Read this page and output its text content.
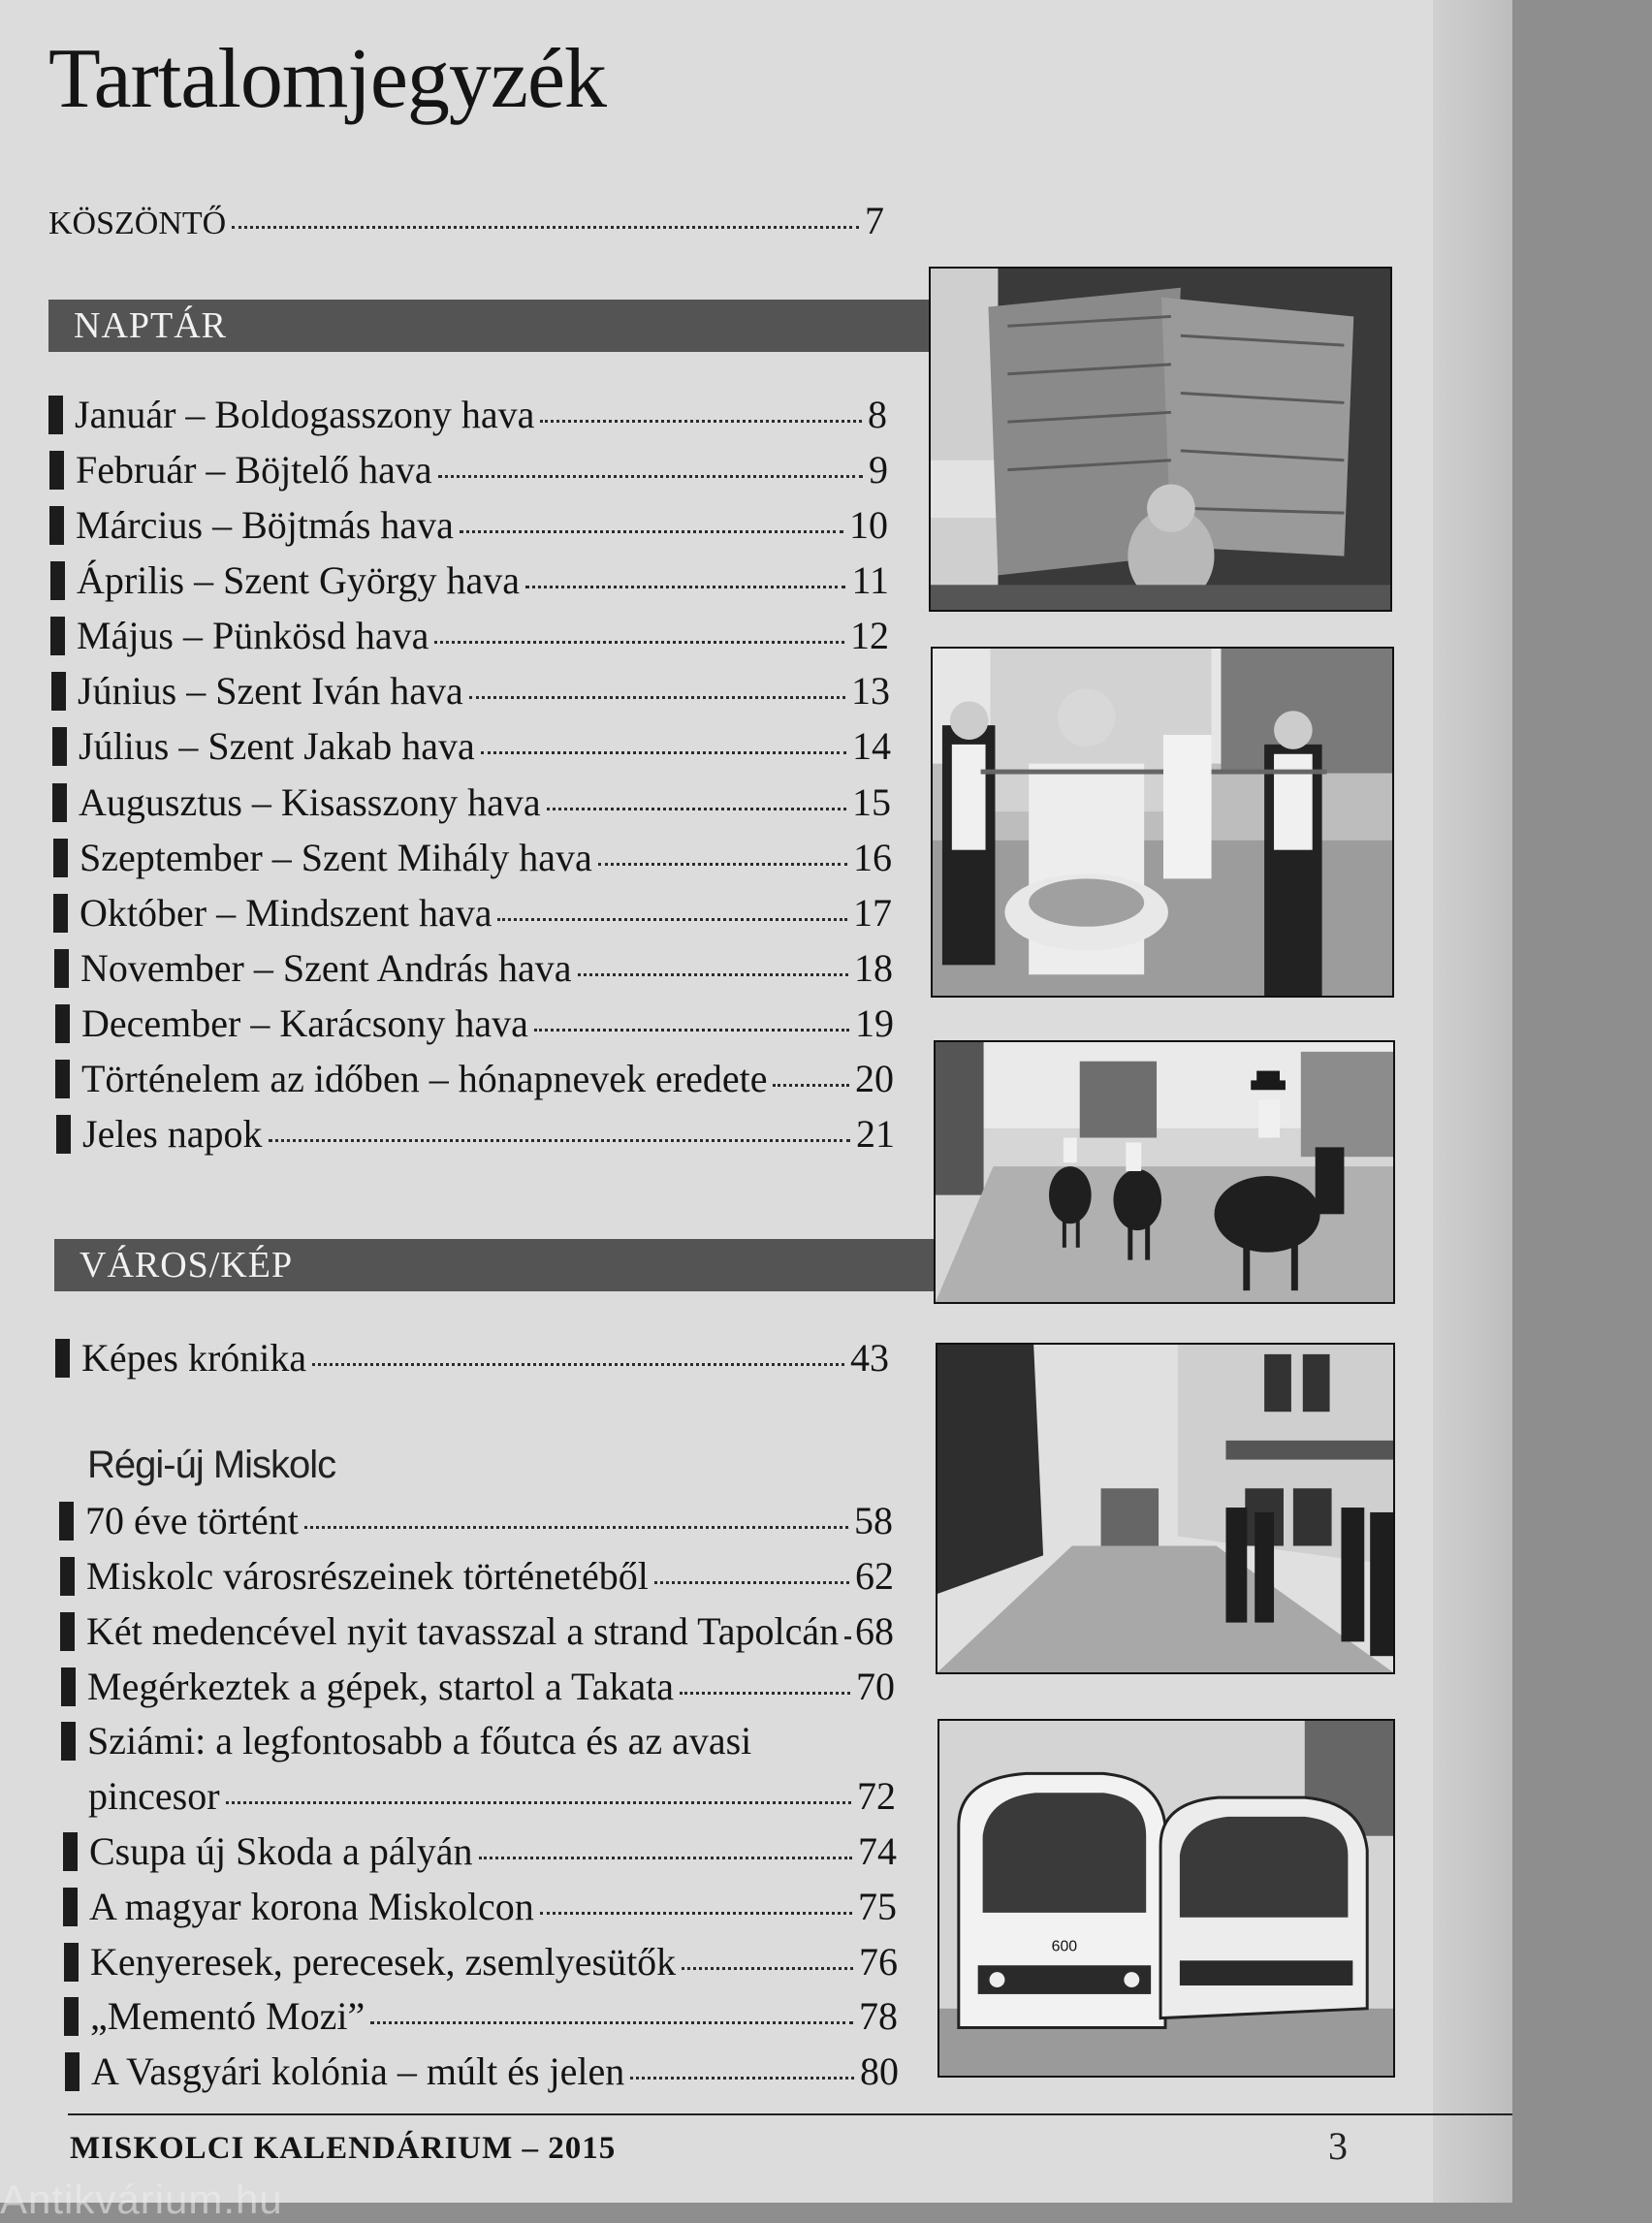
Tartalomjegyzék
KÖSZÖNTŐ	7
NAPTÁR
Január – Boldogasszony hava	8
Február – Böjtelő hava	9
Március – Böjtmás hava	10
Április – Szent György hava	11
Május – Pünkösd hava	12
Június – Szent Iván hava	13
Július – Szent Jakab hava	14
Augusztus – Kisasszony hava	15
Szeptember – Szent Mihály hava	16
Október – Mindszent hava	17
November – Szent András hava	18
December – Karácsony hava	19
Történelem az időben – hónapnevek eredete 20
Jeles napok	21
VÁROS/KÉP
Képes krónika	43
Régi-új Miskolc
70 éve történt	58
Miskolc városrészeinek történetéből	62
Két medencével nyit tavasszal a strand Tapolcán 68
Megérkeztek a gépek, startol a Takata	70
Sziámi: a legfontosabb a főutca és az avasi
pincesor	72
Csupa új Skoda a pályán	74
A magyar korona Miskolcon	75
Kenyeresek, perecesek, zsemlyesütők	76
„Mementó Mozi”	78
A Vasgyári kolónia – múlt és jelen	80
600
MISKOLCI KALENDÁRIUM – 2015	3
Antikvárium.hu
